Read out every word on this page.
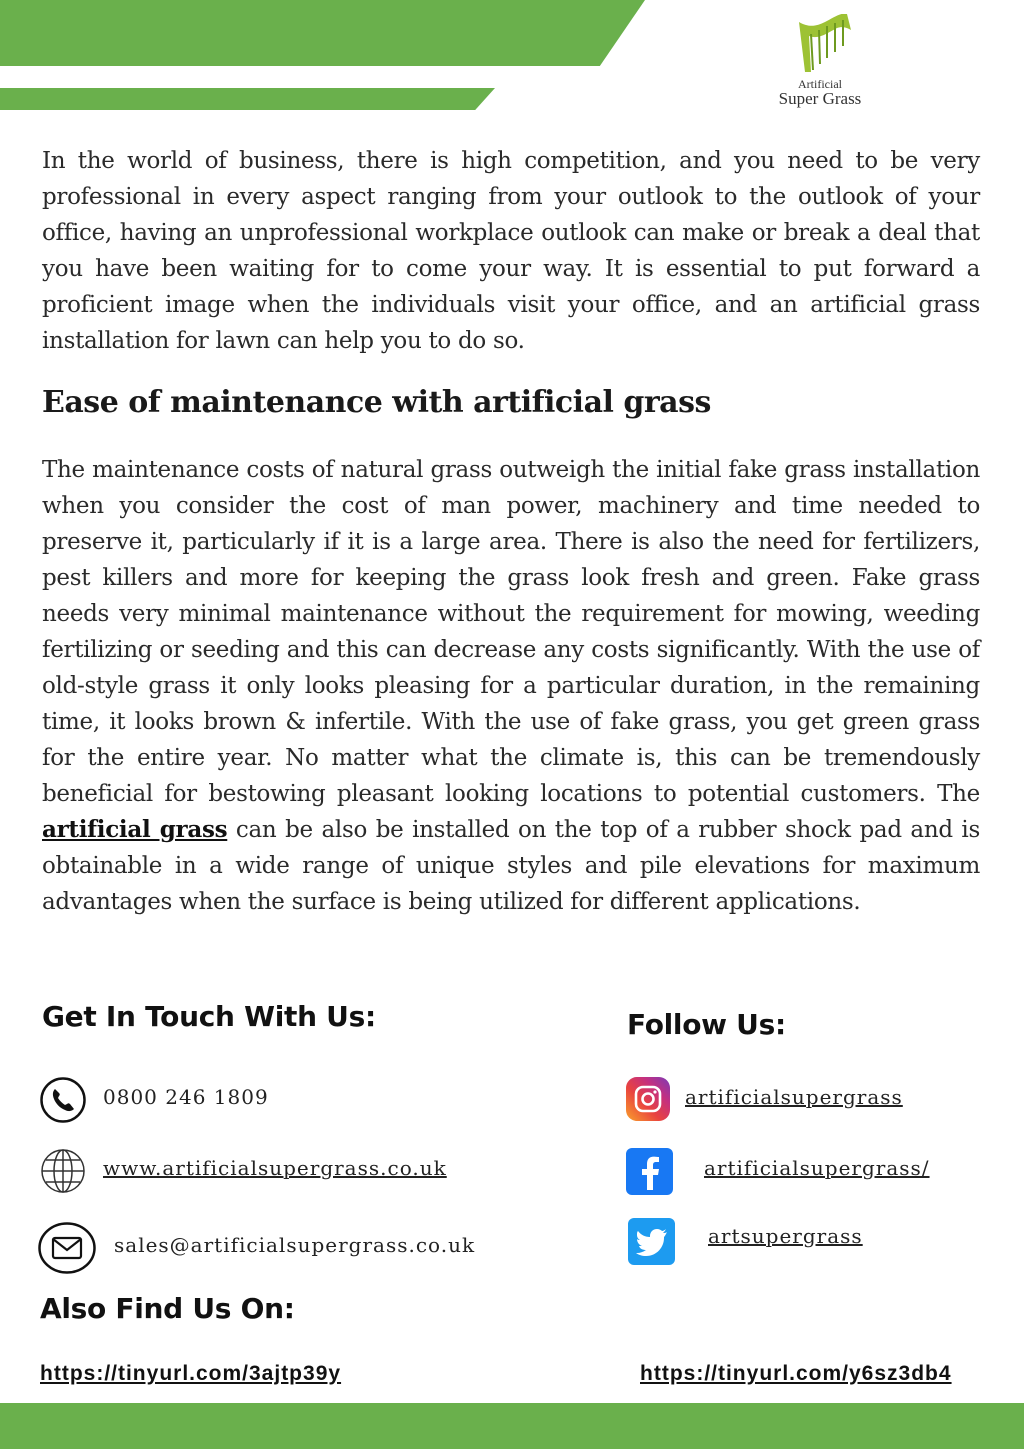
Artificial
Super Grass

In the world of business, there is high competition, and you need to be very professional in every aspect ranging from your outlook to the outlook of your office, having an unprofessional workplace outlook can make or break a deal that you have been waiting for to come your way. It is essential to put forward a proficient image when the individuals visit your office, and an artificial grass installation for lawn can help you to do so.

Ease of maintenance with artificial grass

The maintenance costs of natural grass outweigh the initial fake grass installation when you consider the cost of man power, machinery and time needed to preserve it, particularly if it is a large area. There is also the need for fertilizers, pest killers and more for keeping the grass look fresh and green. Fake grass needs very minimal maintenance without the requirement for mowing, weeding fertilizing or seeding and this can decrease any costs significantly. With the use of old-style grass it only looks pleasing for a particular duration, in the remaining time, it looks brown & infertile. With the use of fake grass, you get green grass for the entire year. No matter what the climate is, this can be tremendously beneficial for bestowing pleasant looking locations to potential customers. The artificial grass can be also be installed on the top of a rubber shock pad and is obtainable in a wide range of unique styles and pile elevations for maximum advantages when the surface is being utilized for different applications.

Get In Touch With Us:	Follow Us:
0800 246 1809
www.artificialsupergrass.co.uk
sales@artificialsupergrass.co.uk
artificialsupergrass
artificialsupergrass/
artsupergrass
Also Find Us On:
https://tinyurl.com/3ajtp39y	https://tinyurl.com/y6sz3db4
